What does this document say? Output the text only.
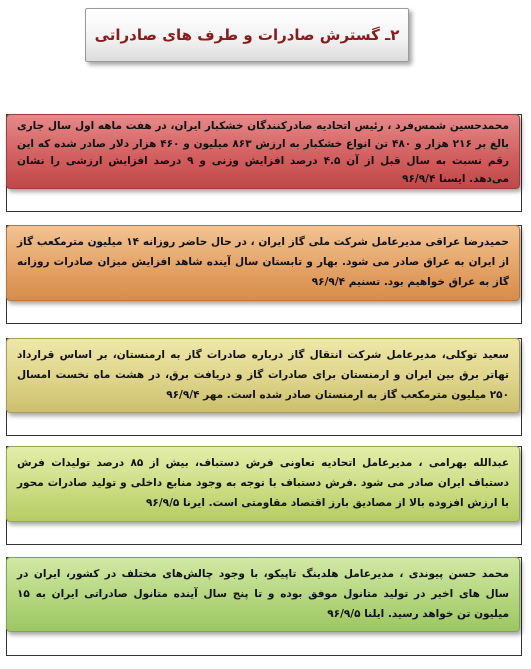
۲ـ گسترش صادرات و طرف های صادراتی
محمدحسین شمس‌فرد ، رئیس اتحادیه صادرکنندگان خشکبار ایران، در هفت ماهه اول سال جاری بالغ بر ۲۱۶ هزار و ۴۸۰ تن انواع خشکبار به ارزش ۸۶۳ میلیون و ۴۶۰ هزار دلار صادر شده که این رقم نسبت به سال قبل از آن ۴.۵ درصد افزایش وزنی و ۹ درصد افزایش ارزشی را نشان می‌دهد. ایسنا ۹۶/۹/۴
حمیدرضا عراقی مدیرعامل شرکت ملی گاز ایران ، در حال حاضر روزانه ۱۴ میلیون مترمکعب گاز از ایران به عراق صادر می شود. بهار و تابستان سال آینده شاهد افزایش میزان صادرات روزانه گاز به عراق خواهیم بود. تسنیم ۹۶/۹/۴
سعید توکلی، مدیرعامل شرکت انتقال گاز درباره صادرات گاز به ارمنستان، بر اساس قرارداد تهاتر برق بین ایران و ارمنستان برای صادرات گاز و دریافت برق، در هشت ماه نخست امسال ۲۵۰ میلیون مترمکعب گاز به ارمنستان صادر شده است. مهر ۹۶/۹/۴
عبدالله بهرامی ، مدیرعامل اتحادیه تعاونی فرش دستباف، بیش از ۸۵ درصد تولیدات فرش دستباف ایران صادر می شود .فرش دستباف با توجه به وجود منابع داخلی و تولید صادرات محور با ارزش افزوده بالا از مصادیق بارز اقتصاد مقاومتی است. ایرنا ۹۶/۹/۵
محمد حسن پیوندی ، مدیرعامل هلدینگ تاپیکو، با وجود چالش‌های مختلف در کشور، ایران در سال های اخیر در تولید متانول موفق بوده و تا پنج سال آینده متانول صادراتی ایران به ۱۵ میلیون تن خواهد رسید. ایلنا ۹۶/۹/۵
